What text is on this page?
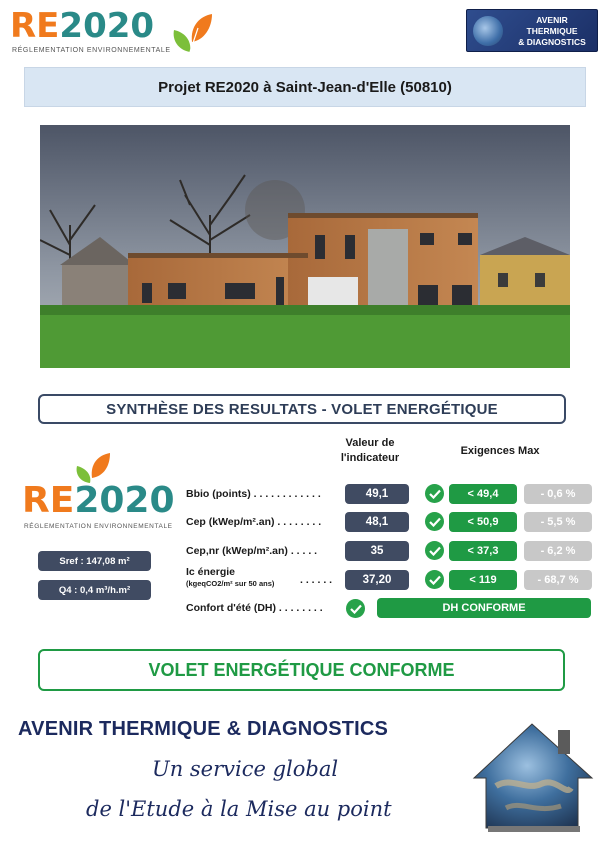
RE2020
RÉGLEMENTATION ENVIRONNEMENTALE
AVENIR
THERMIQUE
& DIAGNOSTICS
Projet RE2020 à Saint-Jean-d'Elle (50810)
SYNTHÈSE DES RESULTATS - VOLET ENERGÉTIQUE
Valeur de
l'indicateur
Exigences Max
RE2020
RÉGLEMENTATION ENVIRONNEMENTALE
Sref : 147,08 m²
Q4 : 0,4 m³/h.m²
Bbio (points) . . . . . . . . . . . .	49,1	< 49,4	- 0,6 %
Cep (kWep/m².an) . . . . . . . .	48,1	< 50,9	- 5,5 %
Cep,nr (kWep/m².an) . . . . .	35	< 37,3	- 6,2 %
Ic énergie
(kgeqCO2/m² sur 50 ans) . . . . . .	37,20	< 119	- 68,7 %
Confort d'été (DH) . . . . . . . .	DH CONFORME
VOLET ENERGÉTIQUE CONFORME
AVENIR THERMIQUE & DIAGNOSTICS
Un service global
de l'Etude à la Mise au point
